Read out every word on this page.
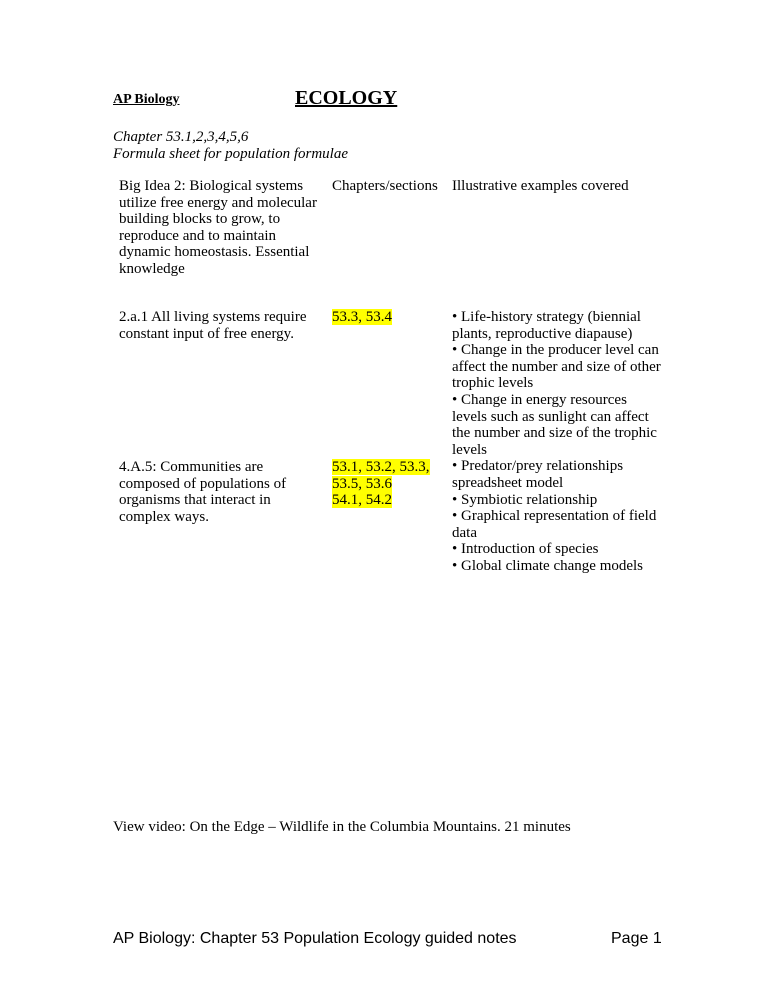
AP Biology	ECOLOGY
Chapter 53.1,2,3,4,5,6
Formula sheet for population formulae
Big Idea 2: Biological systems utilize free energy and molecular building blocks to grow, to reproduce and to maintain dynamic homeostasis. Essential knowledge
Chapters/sections Illustrative examples covered
2.a.1 All living systems require constant input of free energy.
53.3, 53.4
4.A.5: Communities are composed of populations of organisms that interact in complex ways.
53.1, 53.2, 53.3,
53.5, 53.6
54.1, 54.2
• Life-history strategy (biennial plants, reproductive diapause)
• Change in the producer level can affect the number and size of other trophic levels
• Change in energy resources levels such as sunlight can affect the number and size of the trophic levels
• Predator/prey relationships spreadsheet model
• Symbiotic relationship
• Graphical representation of field data
• Introduction of species
• Global climate change models
View video: On the Edge – Wildlife in the Columbia Mountains. 21 minutes
AP Biology: Chapter 53 Population Ecology guided notes	Page 1
